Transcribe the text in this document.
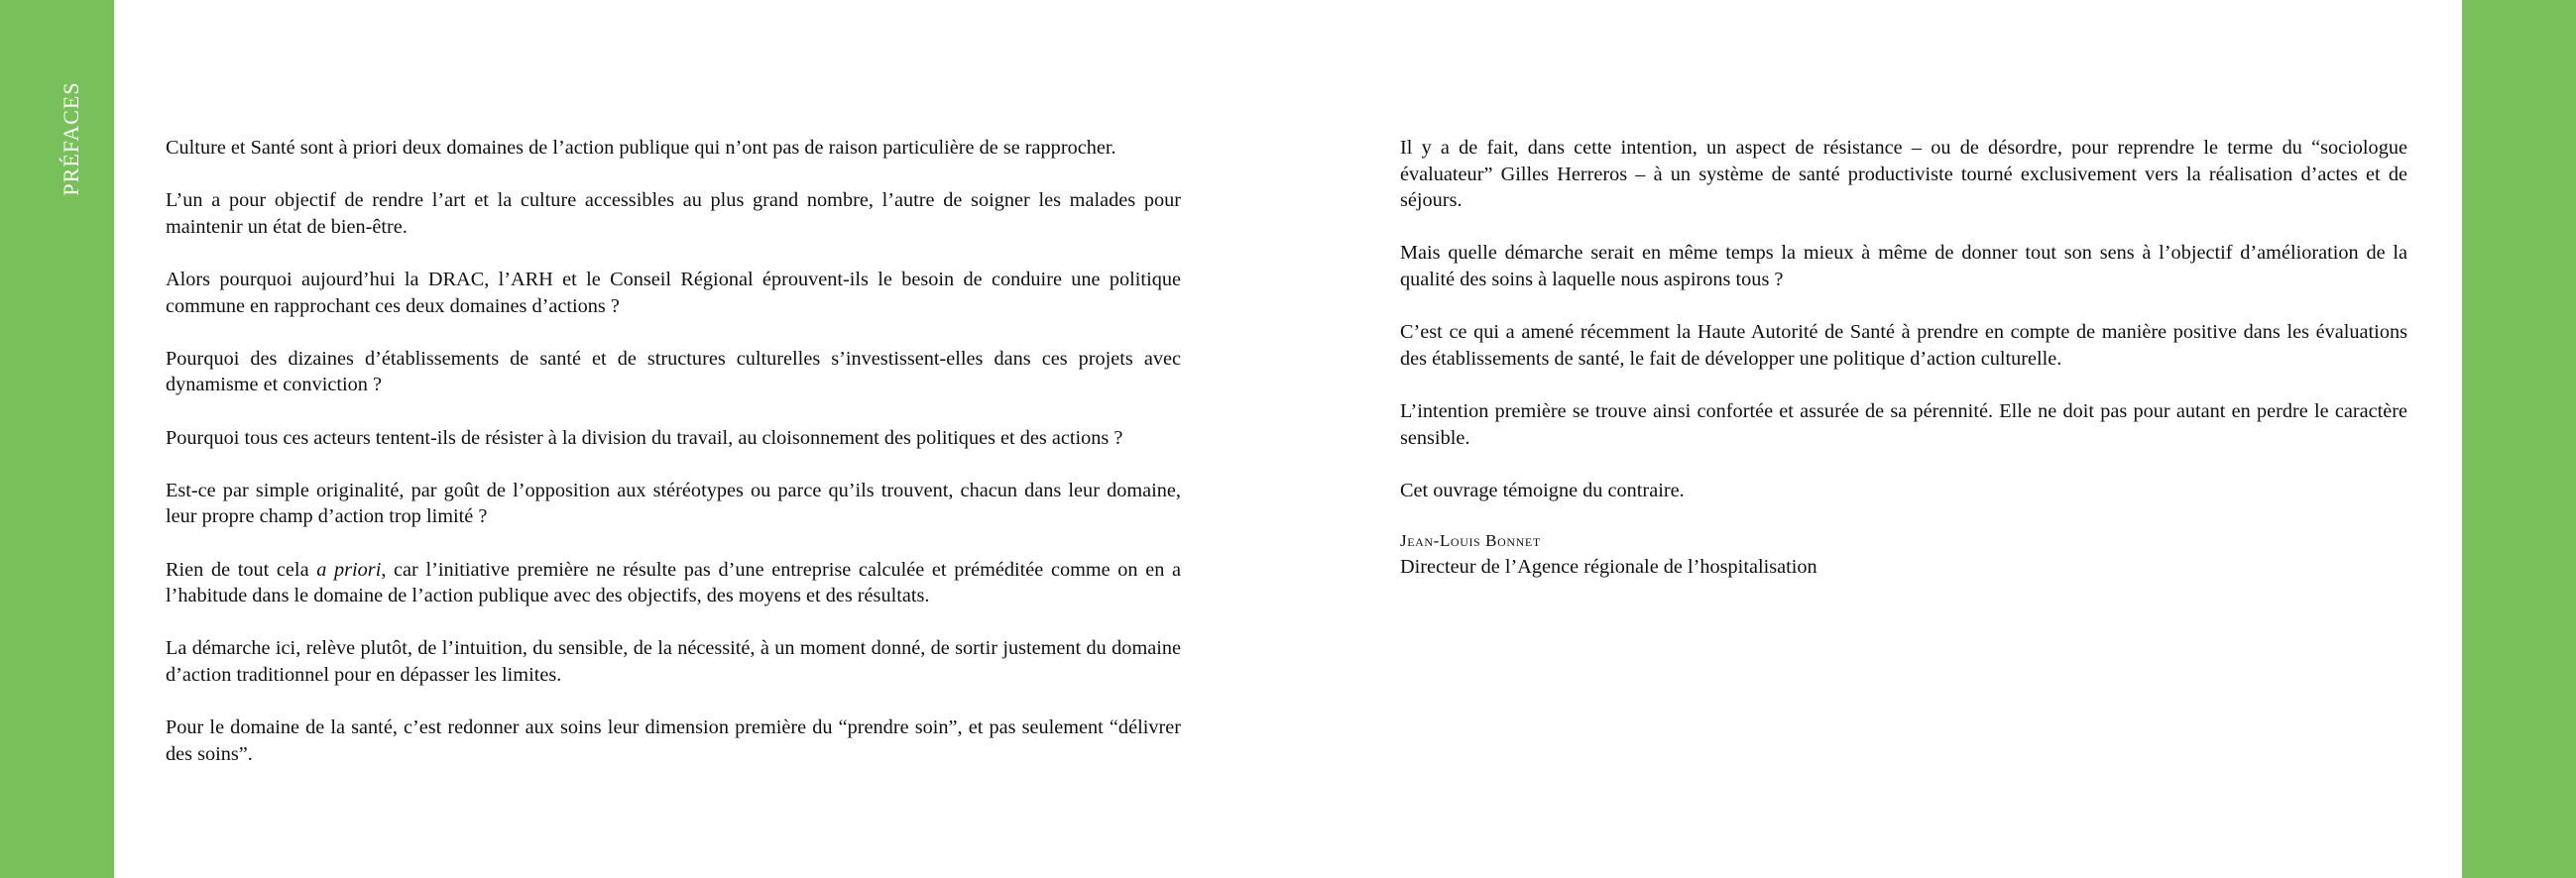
PRÉFACES	Culture et Santé sont à priori deux domaines de l’action publique qui n’ont pas de raison particulière de se rapprocher.

L’un a pour objectif de rendre l’art et la culture accessibles au plus grand nombre, l’autre de soigner les malades pour maintenir un état de bien-être.

Alors pourquoi aujourd’hui la DRAC, l’ARH et le Conseil Régional éprouvent-ils le besoin de conduire une politique commune en rapprochant ces deux domaines d’actions ?

Pourquoi des dizaines d’établissements de santé et de structures culturelles s’investissent-elles dans ces projets avec dynamisme et conviction ?

Pourquoi tous ces acteurs tentent-ils de résister à la division du travail, au cloisonnement des politiques et des actions ?

Est-ce par simple originalité, par goût de l’opposition aux stéréotypes ou parce qu’ils trouvent, chacun dans leur domaine, leur propre champ d’action trop limité ?

Rien de tout cela a priori, car l’initiative première ne résulte pas d’une entreprise calculée et préméditée comme on en a l’habitude dans le domaine de l’action publique avec des objectifs, des moyens et des résultats.

La démarche ici, relève plutôt, de l’intuition, du sensible, de la nécessité, à un moment donné, de sortir justement du domaine d’action traditionnel pour en dépasser les limites.

Pour le domaine de la santé, c’est redonner aux soins leur dimension première du “prendre soin”, et pas seulement “délivrer des soins”.

Il y a de fait, dans cette intention, un aspect de résistance – ou de désordre, pour reprendre le terme du “sociologue évaluateur” Gilles Herreros – à un système de santé productiviste tourné exclusivement vers la réalisation d’actes et de séjours.

Mais quelle démarche serait en même temps la mieux à même de donner tout son sens à l’objectif d’amélioration de la qualité des soins à laquelle nous aspirons tous ?

C’est ce qui a amené récemment la Haute Autorité de Santé à prendre en compte de manière positive dans les évaluations des établissements de santé, le fait de développer une politique d’action culturelle.

L’intention première se trouve ainsi confortée et assurée de sa pérennité. Elle ne doit pas pour autant en perdre le caractère sensible.

Cet ouvrage témoigne du contraire.

Jean-Louis Bonnet
Directeur de l’Agence régionale de l’hospitalisation
